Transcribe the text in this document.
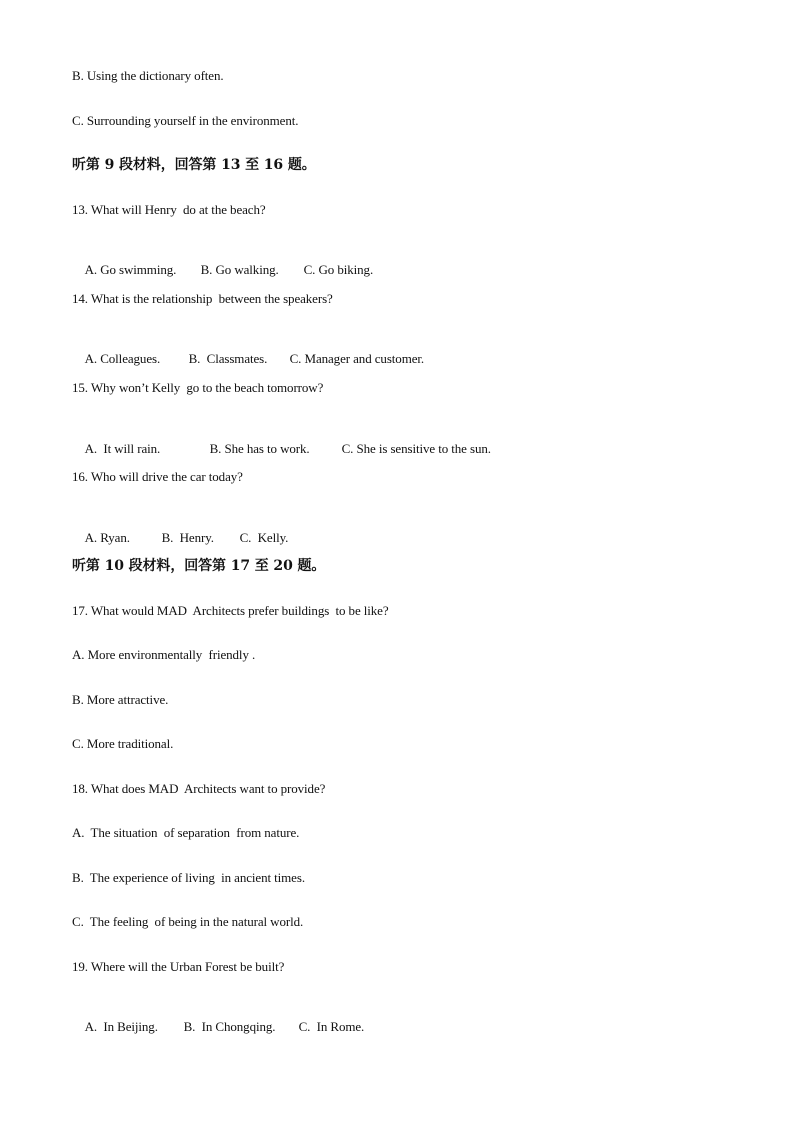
B. Using the dictionary often.
C. Surrounding yourself in the environment.
听第 9 段材料，回答第 13 至 16 题。
13. What will Henry  do at the beach?

A. Go swimming. B. Go walking. C. Go biking.

14. What is the relationship  between the speakers?

A. Colleagues. B.  Classmates. C. Manager and customer.

15. Why won’t Kelly  go to the beach tomorrow?

A.  It will rain.	B. She has to work. C. She is sensitive to the sun.

16. Who will drive the car today?

A. Ryan. B.  Henry. C.  Kelly.

听第 10 段材料，回答第 17 至 20 题。
17. What would MAD  Architects prefer buildings  to be like?
A. More environmentally  friendly .
B. More attractive.
C. More traditional.
18. What does MAD  Architects want to provide?
A.  The situation  of separation  from nature.
B.  The experience of living  in ancient times.
C.  The feeling  of being in the natural world.
19. Where will the Urban Forest be built?

A.  In Beijing. B.  In Chongqing. C.  In Rome.
